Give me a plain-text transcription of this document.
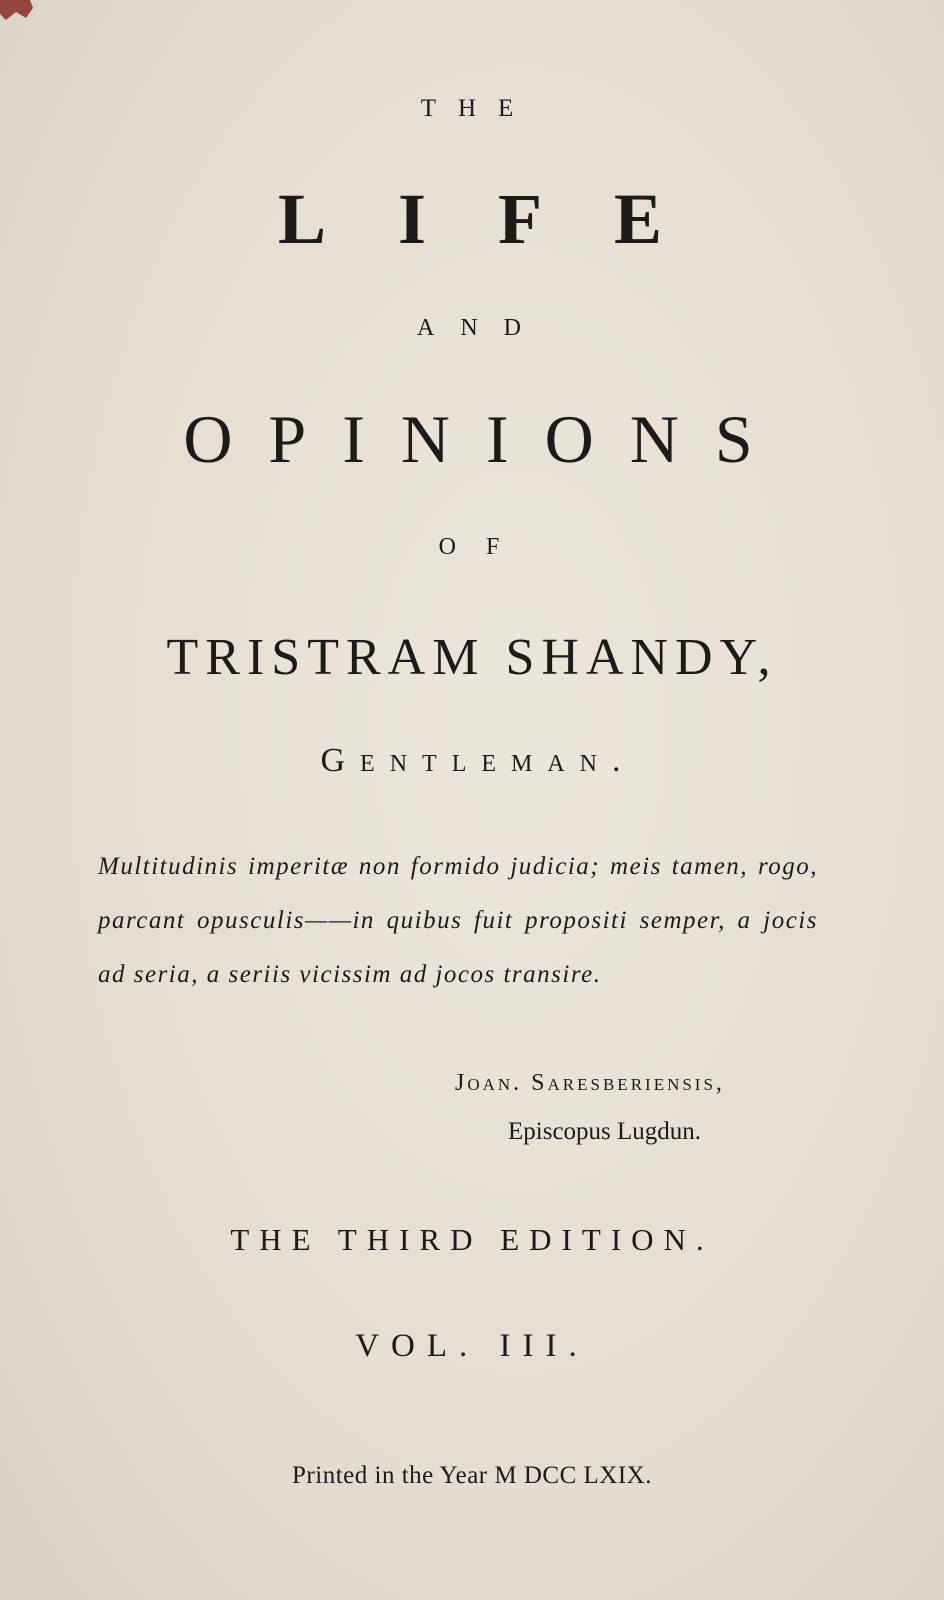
THE
LIFE
AND
OPINIONS
OF
TRISTRAM SHANDY,
Gentleman.
Multitudinis imperitæ non formido judicia; meis tamen, rogo, parcant opusculis——in quibus fuit propositi semper, a jocis ad seria, a seriis vicissim ad jocos transire.
Joan. Saresberiensis,
Episcopus Lugdun.
THE THIRD EDITION.
VOL. III.
Printed in the Year M DCC LXIX.
